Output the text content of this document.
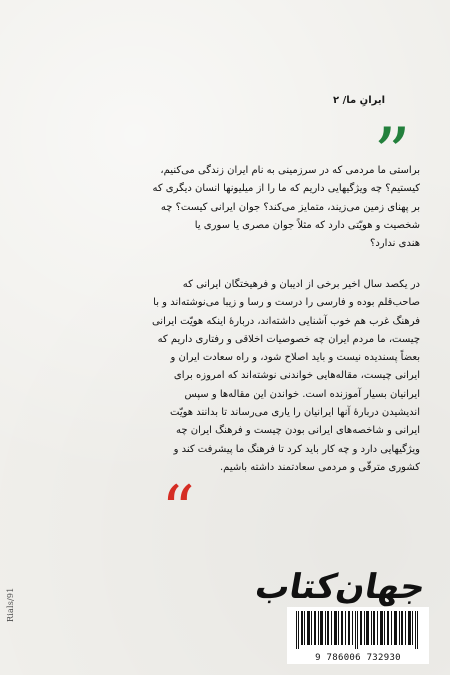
ایرانِ ما/ ۲
”
براستی ما مردمی که در سرزمینی به نام ایران زندگی می‌کنیم،
کیستیم؟ چه ویژگیهایی داریم که ما را از میلیونها انسان دیگری که
بر پهنای زمین می‌زیند، متمایز می‌کند؟ جوان ایرانی کیست؟ چه
شخصیت و هویّتی دارد که مثلاً جوان مصری یا سوری یا
هندی ندارد؟
در یکصد سال اخیر برخی از ادیبان و فرهیختگان ایرانی که
صاحب‌قلم بوده و فارسی را درست و رسا و زیبا می‌نوشته‌اند و با
فرهنگ غرب هم خوب آشنایی داشته‌اند، دربارهٔ اینکه هویّت ایرانی
چیست، ما مردم ایران چه خصوصیات اخلاقی و رفتاری داریم که
بعضاً پسندیده نیست و باید اصلاح شود، و راه سعادت ایران و
ایرانی چیست، مقاله‌هایی خواندنی نوشته‌اند که امروزه برای
ایرانیان بسیار آموزنده است. خواندن این مقاله‌ها و سپس
اندیشیدن دربارهٔ آنها ایرانیان را یاری می‌رساند تا بدانند هویّت
ایرانی و شاخصه‌های ایرانی بودن چیست و فرهنگ ایران چه
ویژگیهایی دارد و چه کار باید کرد تا فرهنگ ما پیشرفت کند و
کشوری مترقّی و مردمی سعادتمند داشته باشیم.
“
جهان‌کتاب
9 786006 732930
Rials/91
